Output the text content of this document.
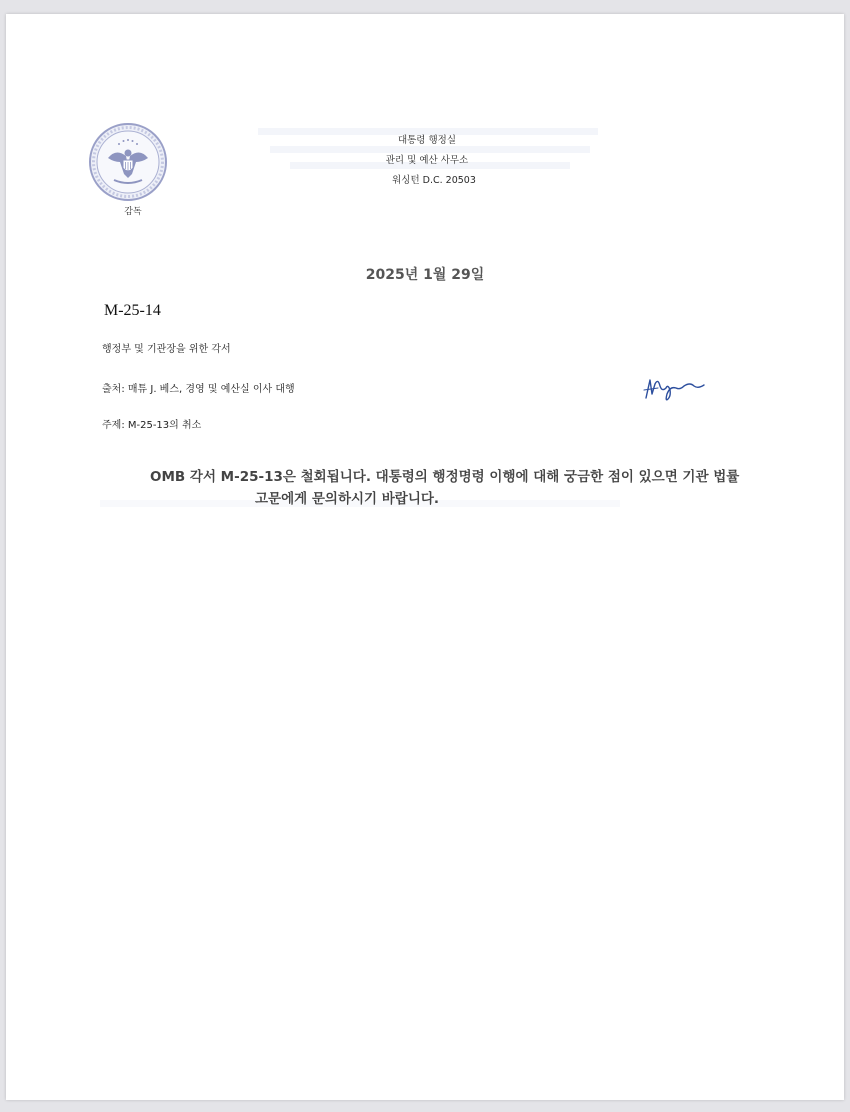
감독
대통령 행정실
관리 및 예산 사무소
워싱턴 D.C. 20503
2025년 1월 29일
M-25-14
행정부 및 기관장을 위한 각서
출처: 매튜 J. 베스, 경영 및 예산실 이사 대행
주제: M-25-13의 취소
OMB 각서 M-25-13은 철회됩니다. 대통령의 행정명령 이행에 대해 궁금한 점이 있으면 기관 법률
고문에게 문의하시기 바랍니다.
